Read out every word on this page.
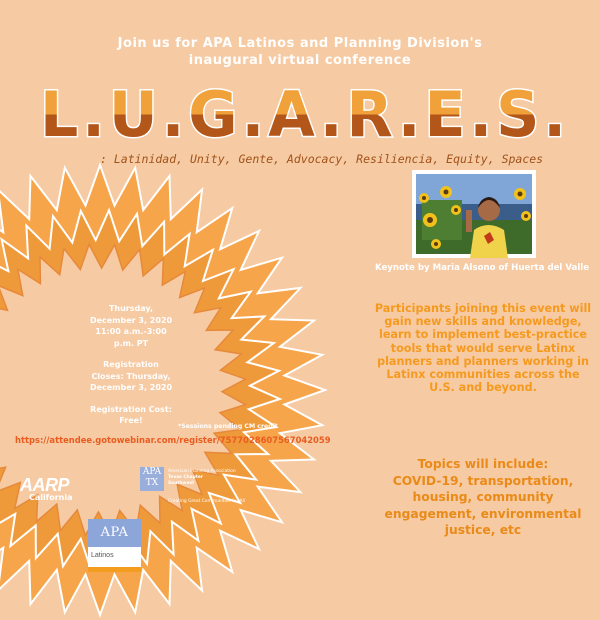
Join us for APA Latinos and Planning Division's
inaugural virtual conference
L.U.G.A.R.E.S.
: Latinidad, Unity, Gente, Advocacy, Resiliencia, Equity, Spaces
Keynote by Maria Alsono of Huerta del Valle

Thursday,
December 3, 2020
11:00 a.m.-3:00
p.m. PT

Registration
Closes: Thursday,
December 3, 2020

Registration Cost:
Free!

*Sessions pending CM credit
https://attendee.gotowebinar.com/register/7577028607567042059
Participants joining this event will gain new skills and knowledge, learn to implement best-practice tools that would serve Latinx planners and planners working in Latinx communities across the U.S. and beyond.
Topics will include:
COVID-19, transportation, housing, community engagement, environmental justice, etc
AARP
California
APA TX
American Planning Association
Texas Chapter
Southwest
Creating Great Communities for All
APA
Latinos
